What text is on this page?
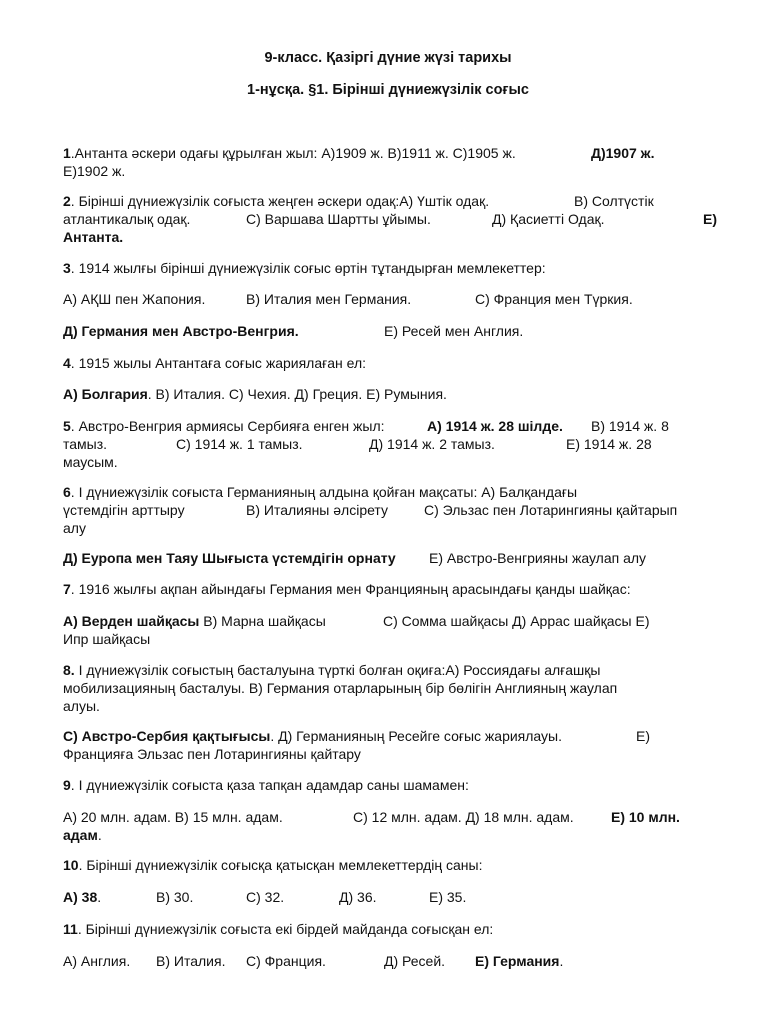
9-класс. Қазіргі дүние жүзі тарихы
1-нұсқа. §1. Бірінші дүниежүзілік соғыс
1.Антанта әскери одағы құрылған жыл: А)1909 ж. В)1911 ж. С)1905 ж.	Д)1907 ж.
Е)1902 ж.
2. Бірінші дүниежүзілік соғыста жеңген әскери одақ:А) Үштік одақ.	В) Солтүстік
атлантикалық одақ.	С) Варшава Шартты ұйымы.	Д) Қасиетті Одақ.	Е)
Антанта.
3. 1914 жылғы бірінші дүниежүзілік соғыс өртін тұтандырған мемлекеттер:
А) АҚШ пен Жапония.	В) Италия мен Германия.	С) Франция мен Түркия.
Д) Германия мен Австро-Венгрия.	Е) Ресей мен Англия.
4. 1915 жылы Антантаға соғыс жариялаған ел:
А) Болгария. В) Италия. С) Чехия. Д) Греция. Е) Румыния.
5. Австро-Венгрия армиясы Сербияға енген жыл:	А) 1914 ж. 28 шілде. В) 1914 ж. 8
тамыз.	С) 1914 ж. 1 тамыз.	Д) 1914 ж. 2 тамыз.	Е) 1914 ж. 28
маусым.
6. I дүниежүзілік соғыста Германияның алдына қойған мақсаты: А) Балқандағы
үстемдігін арттыру	В) Италияны әлсірету	С) Эльзас пен Лотарингияны қайтарып
алу
Д) Еуропа мен Таяу Шығыста үстемдігін орнату Е) Австро-Венгрияны жаулап алу
7. 1916 жылғы ақпан айындағы Германия мен Францияның арасындағы қанды шайқас:
А) Верден шайқасы В) Марна шайқасы	С) Сомма шайқасы Д) Аррас шайқасы Е)
Ипр шайқасы
8. I дүниежүзілік соғыстың басталуына түрткі болған оқиға:А) Россиядағы алғашқы
мобилизацияның басталуы. В) Германия отарларының бір бөлігін Англияның жаулап
алуы.
С) Австро-Сербия қақтығысы. Д) Германияның Ресейге соғыс жариялауы.	Е)
Францияға Эльзас пен Лотарингияны қайтару
9. I дүниежүзілік соғыста қаза тапқан адамдар саны шамамен:
А) 20 млн. адам. В) 15 млн. адам.	С) 12 млн. адам. Д) 18 млн. адам.	Е) 10 млн.
адам.
10. Бірінші дүниежүзілік соғысқа қатысқан мемлекеттердің саны:
А) 38.	В) 30.	С) 32.	Д) 36.	Е) 35.
11. Бірінші дүниежүзілік соғыста екі бірдей майданда соғысқан ел:
А) Англия. В) Италия. С) Франция.	Д) Ресей. Е) Германия.
